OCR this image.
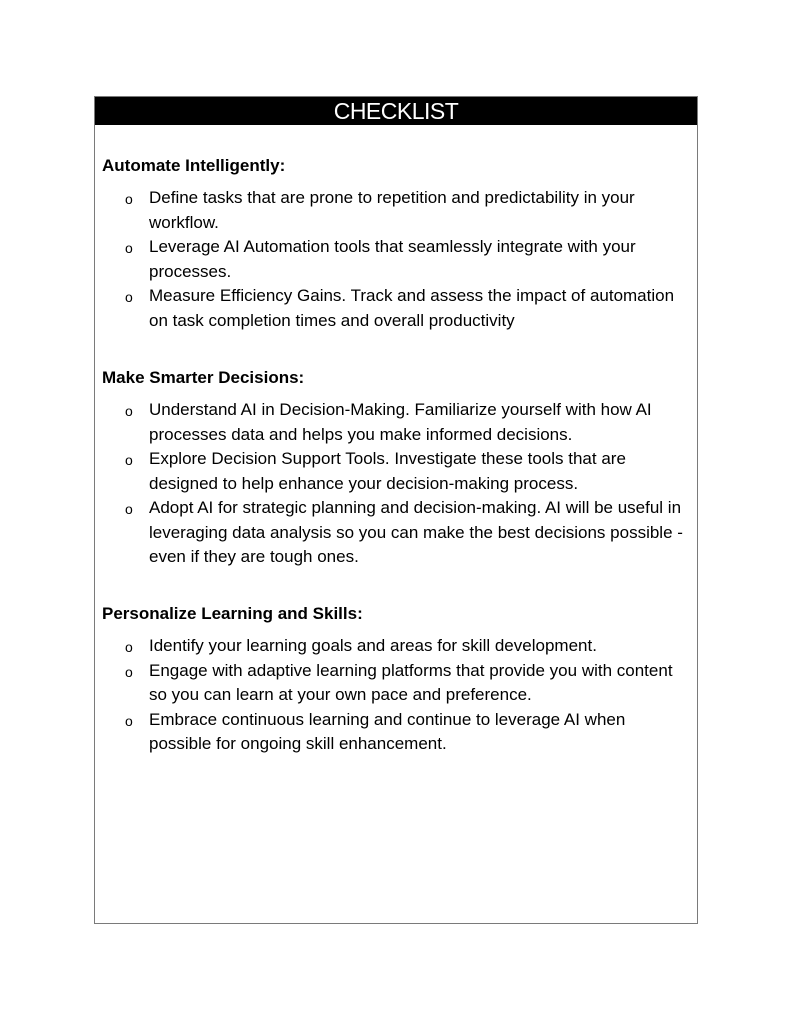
CHECKLIST

Automate Intelligently:

o Define tasks that are prone to repetition and predictability in your workflow.
o Leverage AI Automation tools that seamlessly integrate with your processes.
o Measure Efficiency Gains. Track and assess the impact of automation on task completion times and overall productivity

Make Smarter Decisions:

o Understand AI in Decision-Making. Familiarize yourself with how AI processes data and helps you make informed decisions.
o Explore Decision Support Tools. Investigate these tools that are designed to help enhance your decision-making process.
o Adopt AI for strategic planning and decision-making. AI will be useful in leveraging data analysis so you can make the best decisions possible - even if they are tough ones.

Personalize Learning and Skills:

o Identify your learning goals and areas for skill development.
o Engage with adaptive learning platforms that provide you with content so you can learn at your own pace and preference.
o Embrace continuous learning and continue to leverage AI when possible for ongoing skill enhancement.
